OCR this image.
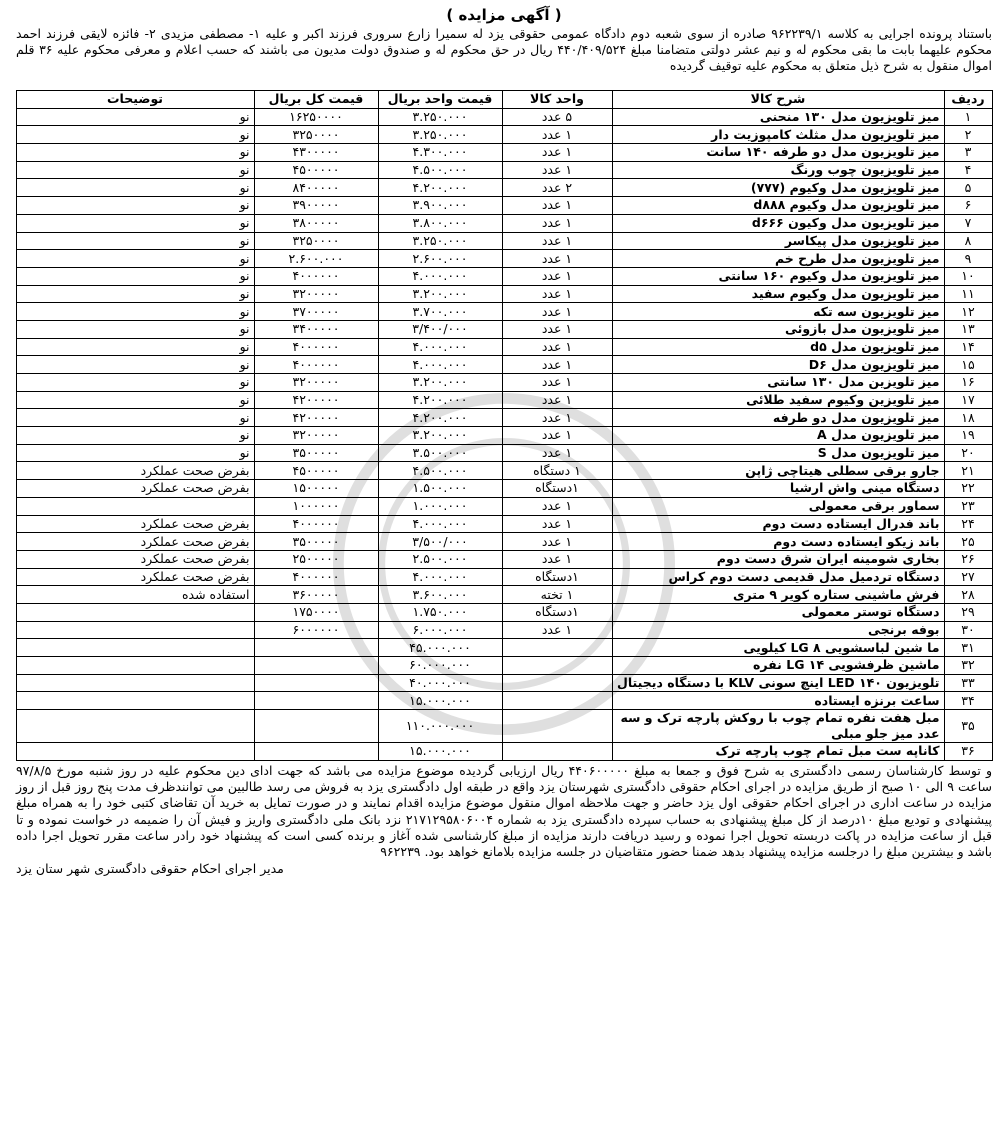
( آگهی مزایده )

باستناد پرونده اجرایی به کلاسه ۹۶۲۲۳۹/۱ صادره از سوی شعبه دوم دادگاه عمومی حقوقی یزد له سمیرا زارع سروری فرزند اکبر و علیه ۱- مصطفی مزیدی ۲- فائزه لایقی فرزند احمد محکوم علیهما بابت ما بقی محکوم له و نیم عشر دولتی متضامنا مبلغ ۴۴۰/۴۰۹/۵۲۴ ریال در حق محکوم له و صندوق دولت مدیون می باشند که حسب اعلام و معرفی محکوم علیه ۳۶ قلم اموال منقول به شرح ذیل متعلق به محکوم علیه توقیف گردیده

ردیف	شرح کالا	واحد کالا	قیمت واحد بریال	قیمت کل بریال	توضیحات
۱	میز تلویزیون مدل ۱۳۰ منحنی	۵ عدد	۳.۲۵۰.۰۰۰	۱۶۲۵۰۰۰۰	نو
۲	میز تلویزیون مدل مثلث کامپوزیت دار	۱ عدد	۳.۲۵۰.۰۰۰	۳۲۵۰۰۰۰	نو
۳	میز تلویزیون مدل دو طرفه ۱۴۰ سانت	۱ عدد	۴.۳۰۰.۰۰۰	۴۳۰۰۰۰۰	نو
۴	میز تلویزیون چوب ورنگ	۱ عدد	۴.۵۰۰.۰۰۰	۴۵۰۰۰۰۰	نو
۵	میز تلویزیون مدل وکیوم (۷۷۷)	۲ عدد	۴.۲۰۰.۰۰۰	۸۴۰۰۰۰۰	نو
۶	میز تلویزیون مدل وکیوم d۸۸۸	۱ عدد	۳.۹۰۰.۰۰۰	۳۹۰۰۰۰۰	نو
۷	میز تلویزیون مدل وکیون d۶۶۶	۱ عدد	۳.۸۰۰.۰۰۰	۳۸۰۰۰۰۰	نو
۸	میز تلویزیون مدل پیکاسر	۱ عدد	۳.۲۵۰.۰۰۰	۳۲۵۰۰۰۰	نو
۹	میز تلویزیون مدل طرح خم	۱ عدد	۲.۶۰۰.۰۰۰	۲.۶۰۰.۰۰۰	نو
۱۰	میز تلویزیون مدل وکیوم ۱۶۰ سانتی	۱ عدد	۴.۰۰۰.۰۰۰	۴۰۰۰۰۰۰	نو
۱۱	میز تلویزیون مدل وکیوم سفید	۱ عدد	۳.۲۰۰.۰۰۰	۳۲۰۰۰۰۰	نو
۱۲	میز تلویزیون سه تکه	۱ عدد	۳.۷۰۰.۰۰۰	۳۷۰۰۰۰۰	نو
۱۳	میز تلویزیون مدل بازوئی	۱ عدد	۳/۴۰۰/۰۰۰	۳۴۰۰۰۰۰	نو
۱۴	میز تلویزیون مدل d۵	۱ عدد	۴.۰۰۰.۰۰۰	۴۰۰۰۰۰۰	نو
۱۵	میز تلویزیون مدل D۶	۱ عدد	۴.۰۰۰.۰۰۰	۴۰۰۰۰۰۰	نو
۱۶	میز تلویزین مدل ۱۳۰ سانتی	۱ عدد	۳.۲۰۰.۰۰۰	۳۲۰۰۰۰۰	نو
۱۷	میز تلویزین وکیوم سفید طلائی	۱ عدد	۴.۲۰۰.۰۰۰	۴۲۰۰۰۰۰	نو
۱۸	میز تلویزیون مدل دو طرفه	۱ عدد	۴.۲۰۰.۰۰۰	۴۲۰۰۰۰۰	نو
۱۹	میز تلویزیون مدل A	۱ عدد	۳.۲۰۰.۰۰۰	۳۲۰۰۰۰۰	نو
۲۰	میز تلویزیون مدل S	۱ عدد	۳.۵۰۰.۰۰۰	۳۵۰۰۰۰۰	نو
۲۱	جارو برقی سطلی هیتاچی ژاپن	۱ دستگاه	۴.۵۰۰.۰۰۰	۴۵۰۰۰۰۰	بفرض صحت عملکرد
۲۲	دستگاه مینی واش ارشیا	۱دستگاه	۱.۵۰۰.۰۰۰	۱۵۰۰۰۰۰	بفرض صحت عملکرد
۲۳	سماور برقی معمولی	۱ عدد	۱.۰۰۰.۰۰۰	۱۰۰۰۰۰۰	
۲۴	باند فدرال ایستاده دست دوم	۱ عدد	۴.۰۰۰.۰۰۰	۴۰۰۰۰۰۰	بفرض صحت عملکرد
۲۵	باند زیکو ایستاده دست دوم	۱ عدد	۳/۵۰۰/۰۰۰	۳۵۰۰۰۰۰	بفرض صحت عملکرد
۲۶	بخاری شومینه ایران شرق دست دوم	۱ عدد	۲.۵۰۰.۰۰۰	۲۵۰۰۰۰۰	بفرض صحت عملکرد
۲۷	دستگاه تردمیل مدل قدیمی دست دوم کراس	۱دستگاه	۴.۰۰۰.۰۰۰	۴۰۰۰۰۰۰	بفرض صحت عملکرد
۲۸	فرش ماشینی ستاره کویر ۹ متری	۱ تخته	۳.۶۰۰.۰۰۰	۳۶۰۰۰۰۰	استفاده شده
۲۹	دستگاه توستر معمولی	۱دستگاه	۱.۷۵۰.۰۰۰	۱۷۵۰۰۰۰	
۳۰	بوفه برنجی	۱ عدد	۶.۰۰۰.۰۰۰	۶۰۰۰۰۰۰	
۳۱	ما شین لباسشویی LG ۸ کیلویی		۴۵.۰۰۰.۰۰۰		
۳۲	ماشین ظرفشویی LG ۱۴ نفره		۶۰.۰۰۰.۰۰۰		
۳۳	تلویزیون LED ۱۴۰ اینچ سونی KLV با دستگاه دیجیتال		۴۰.۰۰۰.۰۰۰		
۳۴	ساعت برنزه ایستاده		۱۵.۰۰۰.۰۰۰		
۳۵	مبل هفت نفره تمام چوب با روکش پارچه ترک و سه عدد میز جلو مبلی		۱۱۰.۰۰۰.۰۰۰		
۳۶	کاناپه ست مبل تمام چوب پارچه ترک		۱۵.۰۰۰.۰۰۰		

و توسط کارشناسان رسمی دادگستری به شرح فوق و جمعا به مبلغ ۴۴۰۶۰۰۰۰۰ ریال ارزیابی گردیده موضوع مزایده می باشد که جهت ادای دین محکوم علیه در روز شنبه مورخ ۹۷/۸/۵ ساعت ۹ الی ۱۰ صبح از طریق مزایده در اجرای احکام حقوقی دادگستری شهرستان یزد واقع در طبقه اول دادگستری یزد به فروش می رسد طالبین می توانندظرف مدت پنج روز قبل از روز مزایده در ساعت اداری در اجرای احکام حقوقی اول یزد حاضر و جهت ملاحظه اموال منقول موضوع مزایده اقدام نمایند و در صورت تمایل به خرید آن تقاضای کتبی خود را به همراه مبلغ پیشنهادی و تودیع مبلغ ۱۰درصد از کل مبلغ پیشنهادی به حساب سپرده دادگستری یزد به شماره ۲۱۷۱۲۹۵۸۰۶۰۰۴ نزد بانک ملی دادگستری واریز و فیش آن را ضمیمه در خواست نموده و تا قبل از ساعت مزایده در پاکت دربسته تحویل اجرا نموده و رسید دریافت دارند مزایده از مبلغ کارشناسی شده آغاز و برنده کسی است که پیشنهاد خود رادر ساعت مقرر تحویل اجرا داده باشد و بیشترین مبلغ را درجلسه مزایده پیشنهاد بدهد ضمنا حضور متقاضیان در جلسه مزایده بلامانع خواهد بود. ۹۶۲۲۳۹

مدیر اجرای احکام حقوقی دادگستری شهر ستان یزد
